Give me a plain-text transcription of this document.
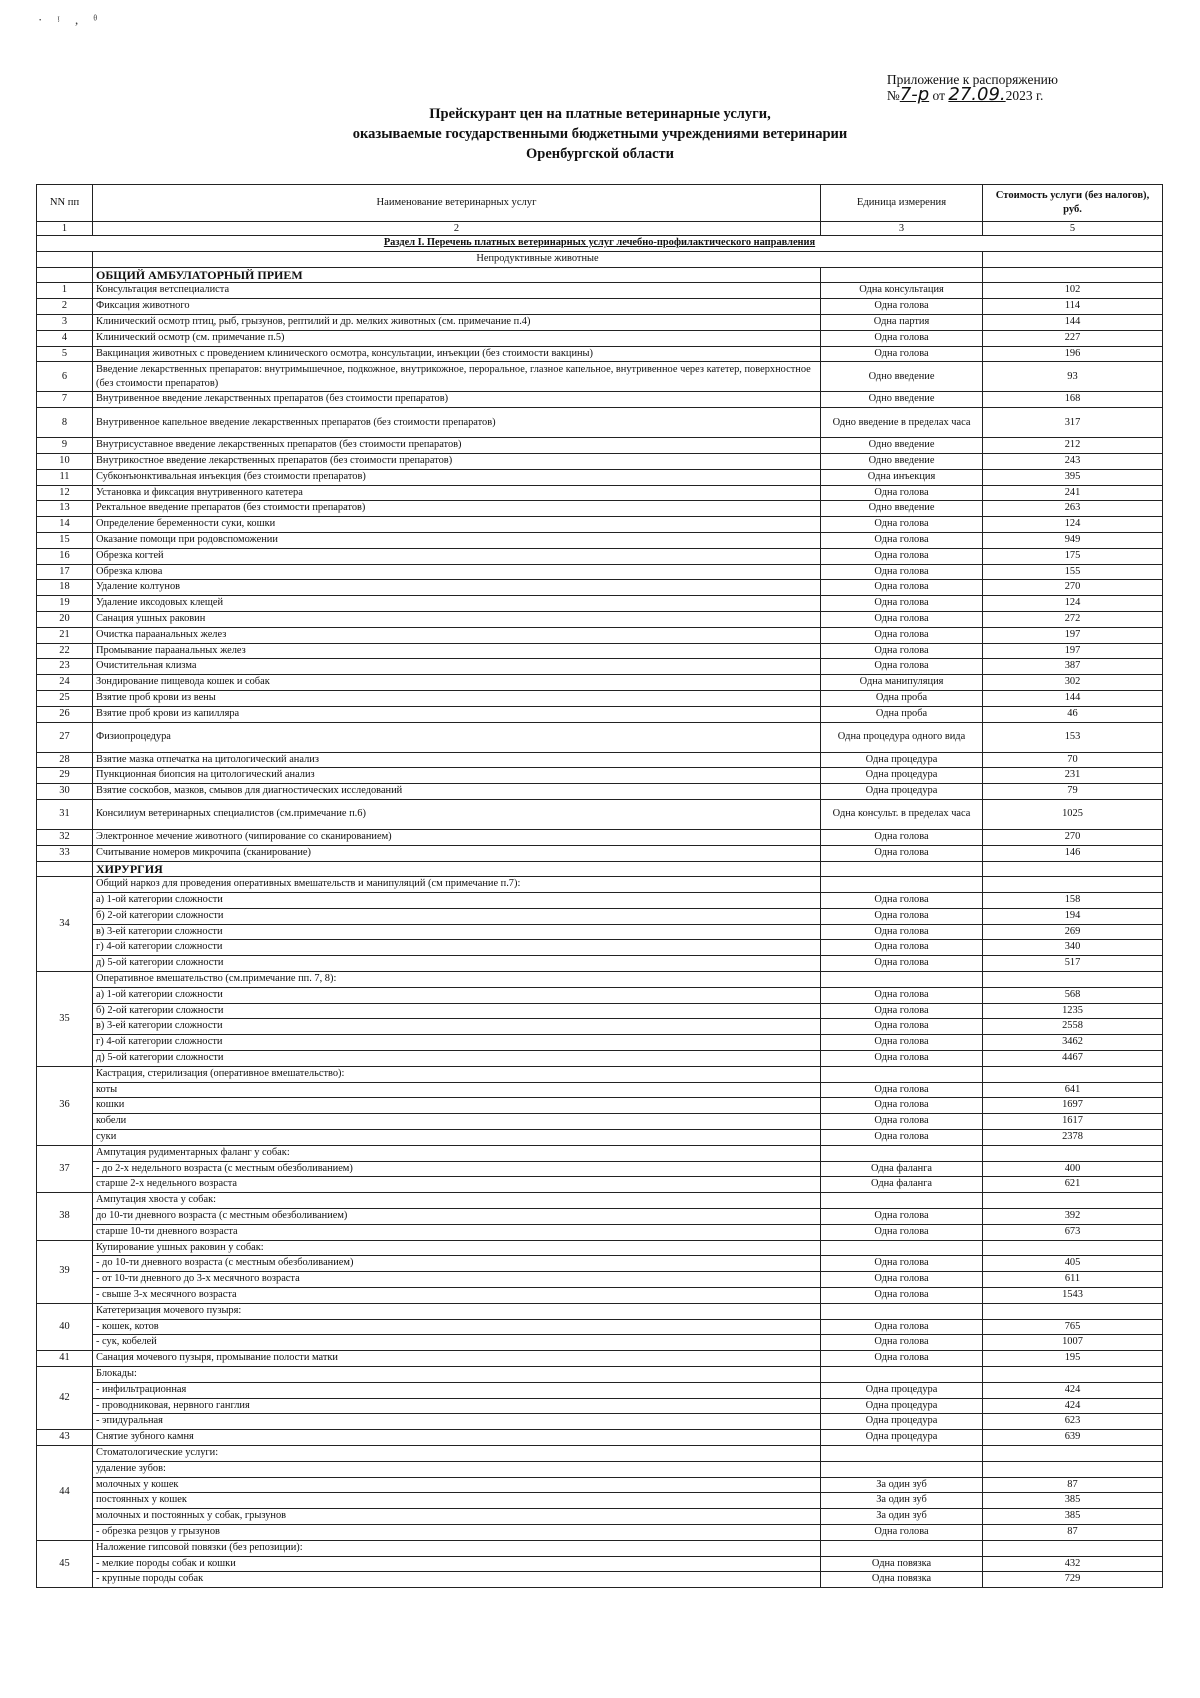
· ᵎ , ᶿ
Приложение к распоряжению
№7-р от 27.09.2023 г.
Прейскурант цен на платные ветеринарные услуги,
оказываемые государственными бюджетными учреждениями ветеринарии
Оренбургской области
NN пп	Наименование ветеринарных услуг	Единица измерения	Стоимость услуги (без налогов), руб.
1	2	3	5
Раздел I. Перечень платных ветеринарных услуг лечебно-профилактического направления			
	Непродуктивные животные		
	ОБЩИЙ АМБУЛАТОРНЫЙ ПРИЕМ		
1	Консультация ветспециалиста	Одна консультация	102
2	Фиксация животного	Одна голова	114
3	Клинический осмотр птиц, рыб, грызунов, рептилий и др. мелких животных (см. примечание п.4)	Одна партия	144
4	Клинический осмотр (см. примечание п.5)	Одна голова	227
5	Вакцинация животных с проведением клинического осмотра, консультации, инъекции (без стоимости вакцины)	Одна голова	196
6	Введение лекарственных препаратов: внутримышечное, подкожное, внутрикожное, пероральное, глазное капельное, внутривенное через катетер, поверхностное (без стоимости препаратов)	Одно введение	93
7	Внутривенное введение лекарственных препаратов (без стоимости препаратов)	Одно введение	168
8	Внутривенное капельное введение лекарственных препаратов (без стоимости препаратов)	Одно введение в пределах часа	317
9	Внутрисуставное введение лекарственных препаратов (без стоимости препаратов)	Одно введение	212
10	Внутрикостное введение лекарственных препаратов (без стоимости препаратов)	Одно введение	243
11	Субконъюнктивальная инъекция (без стоимости препаратов)	Одна инъекция	395
12	Установка и фиксация внутривенного катетера	Одна голова	241
13	Ректальное введение препаратов (без стоимости препаратов)	Одно введение	263
14	Определение беременности суки, кошки	Одна голова	124
15	Оказание помощи при родовспоможении	Одна голова	949
16	Обрезка когтей	Одна голова	175
17	Обрезка клюва	Одна голова	155
18	Удаление колтунов	Одна голова	270
19	Удаление иксодовых клещей	Одна голова	124
20	Санация ушных раковин	Одна голова	272
21	Очистка параанальных желез	Одна голова	197
22	Промывание параанальных желез	Одна голова	197
23	Очистительная клизма	Одна голова	387
24	Зондирование пищевода кошек и собак	Одна манипуляция	302
25	Взятие проб крови из вены	Одна проба	144
26	Взятие проб крови из капилляра	Одна проба	46
27	Физиопроцедура	Одна процедура одного вида	153
28	Взятие мазка отпечатка на цитологический анализ	Одна процедура	70
29	Пункционная биопсия на цитологический анализ	Одна процедура	231
30	Взятие соскобов, мазков, смывов для диагностических исследований	Одна процедура	79
31	Консилиум ветеринарных специалистов (см.примечание п.6)	Одна консульт. в пределах часа	1025
32	Электронное мечение животного (чипирование со сканированием)	Одна голова	270
33	Считывание номеров микрочипа (сканирование)	Одна голова	146
	ХИРУРГИЯ		
34	Общий наркоз для проведения оперативных вмешательств и манипуляций (см примечание п.7):		
	а) 1-ой категории сложности	Одна голова	158
	б) 2-ой категории сложности	Одна голова	194
	в) 3-ей категории сложности	Одна голова	269
	г) 4-ой категории сложности	Одна голова	340
	д) 5-ой категории сложности	Одна голова	517
35	Оперативное вмешательство (см.примечание пп. 7, 8):		
	а) 1-ой категории сложности	Одна голова	568
	б) 2-ой категории сложности	Одна голова	1235
	в) 3-ей категории сложности	Одна голова	2558
	г) 4-ой категории сложности	Одна голова	3462
	д) 5-ой категории сложности	Одна голова	4467
36	Кастрация, стерилизация (оперативное вмешательство):		
	коты	Одна голова	641
	кошки	Одна голова	1697
	кобели	Одна голова	1617
	суки	Одна голова	2378
37	Ампутация рудиментарных фаланг у собак:		
	- до 2-х недельного возраста (с местным обезболиванием)	Одна фаланга	400
	старше 2-х недельного возраста	Одна фаланга	621
38	Ампутация хвоста у собак:		
	до 10-ти дневного возраста (с местным обезболиванием)	Одна голова	392
	старше 10-ти дневного возраста	Одна голова	673
39	Купирование ушных раковин у собак:		
	- до 10-ти дневного возраста (с местным обезболиванием)	Одна голова	405
	- от 10-ти дневного до 3-х месячного возраста	Одна голова	611
	- свыше 3-х месячного возраста	Одна голова	1543
40	Катетеризация мочевого пузыря:		
	- кошек, котов	Одна голова	765
	- сук, кобелей	Одна голова	1007
41	Санация мочевого пузыря, промывание полости матки	Одна голова	195
42	Блокады:		
	- инфильтрационная	Одна процедура	424
	- проводниковая, нервного ганглия	Одна процедура	424
	- эпидуральная	Одна процедура	623
43	Снятие зубного камня	Одна процедура	639
44	Стоматологические услуги:		
	удаление зубов:		
	молочных у кошек	За один зуб	87
	постоянных у кошек	За один зуб	385
	молочных и постоянных у собак, грызунов	За один зуб	385
	- обрезка резцов у грызунов	Одна голова	87
45	Наложение гипсовой повязки (без репозиции):		
	- мелкие породы собак и кошки	Одна повязка	432
	- крупные породы собак	Одна повязка	729
